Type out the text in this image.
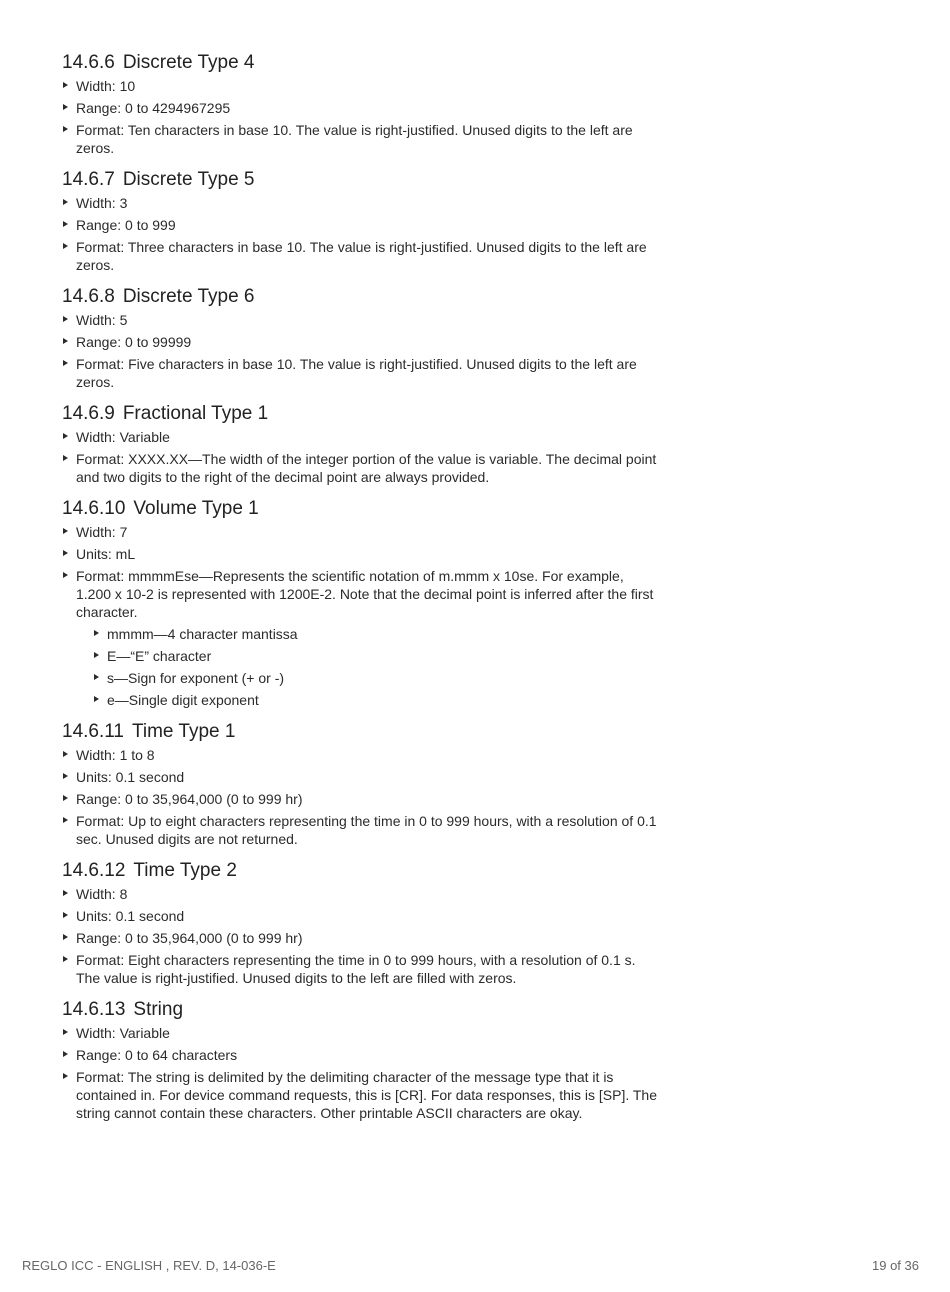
14.6.6 Discrete Type 4
Width: 10
Range: 0 to 4294967295
Format: Ten characters in base 10. The value is right-justified. Unused digits to the left are zeros.
14.6.7 Discrete Type 5
Width: 3
Range: 0 to 999
Format: Three characters in base 10. The value is right-justified. Unused digits to the left are zeros.
14.6.8 Discrete Type 6
Width: 5
Range: 0 to 99999
Format: Five characters in base 10. The value is right-justified. Unused digits to the left are zeros.
14.6.9 Fractional Type 1
Width: Variable
Format: XXXX.XX—The width of the integer portion of the value is variable. The decimal point and two digits to the right of the decimal point are always provided.
14.6.10 Volume Type 1
Width: 7
Units: mL
Format: mmmmEse—Represents the scientific notation of m.mmm x 10se. For example, 1.200 x 10-2 is represented with 1200E-2. Note that the decimal point is inferred after the first character.
mmmm—4 character mantissa
E—“E” character
s—Sign for exponent (+ or -)
e—Single digit exponent
14.6.11 Time Type 1
Width: 1 to 8
Units: 0.1 second
Range: 0 to 35,964,000 (0 to 999 hr)
Format: Up to eight characters representing the time in 0 to 999 hours, with a resolution of 0.1 sec. Unused digits are not returned.
14.6.12 Time Type 2
Width: 8
Units: 0.1 second
Range: 0 to 35,964,000 (0 to 999 hr)
Format: Eight characters representing the time in 0 to 999 hours, with a resolution of 0.1 s. The value is right-justified. Unused digits to the left are filled with zeros.
14.6.13 String
Width: Variable
Range: 0 to 64 characters
Format: The string is delimited by the delimiting character of the message type that it is contained in. For device command requests, this is [CR]. For data responses, this is [SP]. The string cannot contain these characters. Other printable ASCII characters are okay.
REGLO ICC - ENGLISH , REV. D, 14-036-E	19 of 36
